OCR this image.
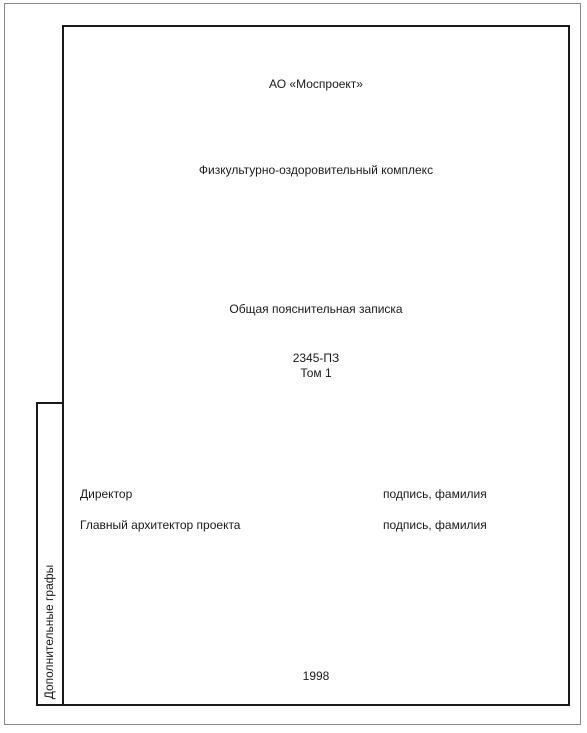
Дополнительные графы
АО «Моспроект»
Физкультурно-оздоровительный комплекс
Общая пояснительная записка
2345-ПЗ
Том 1
Директор	подпись, фамилия
Главный архитектор проекта	подпись, фамилия
1998
